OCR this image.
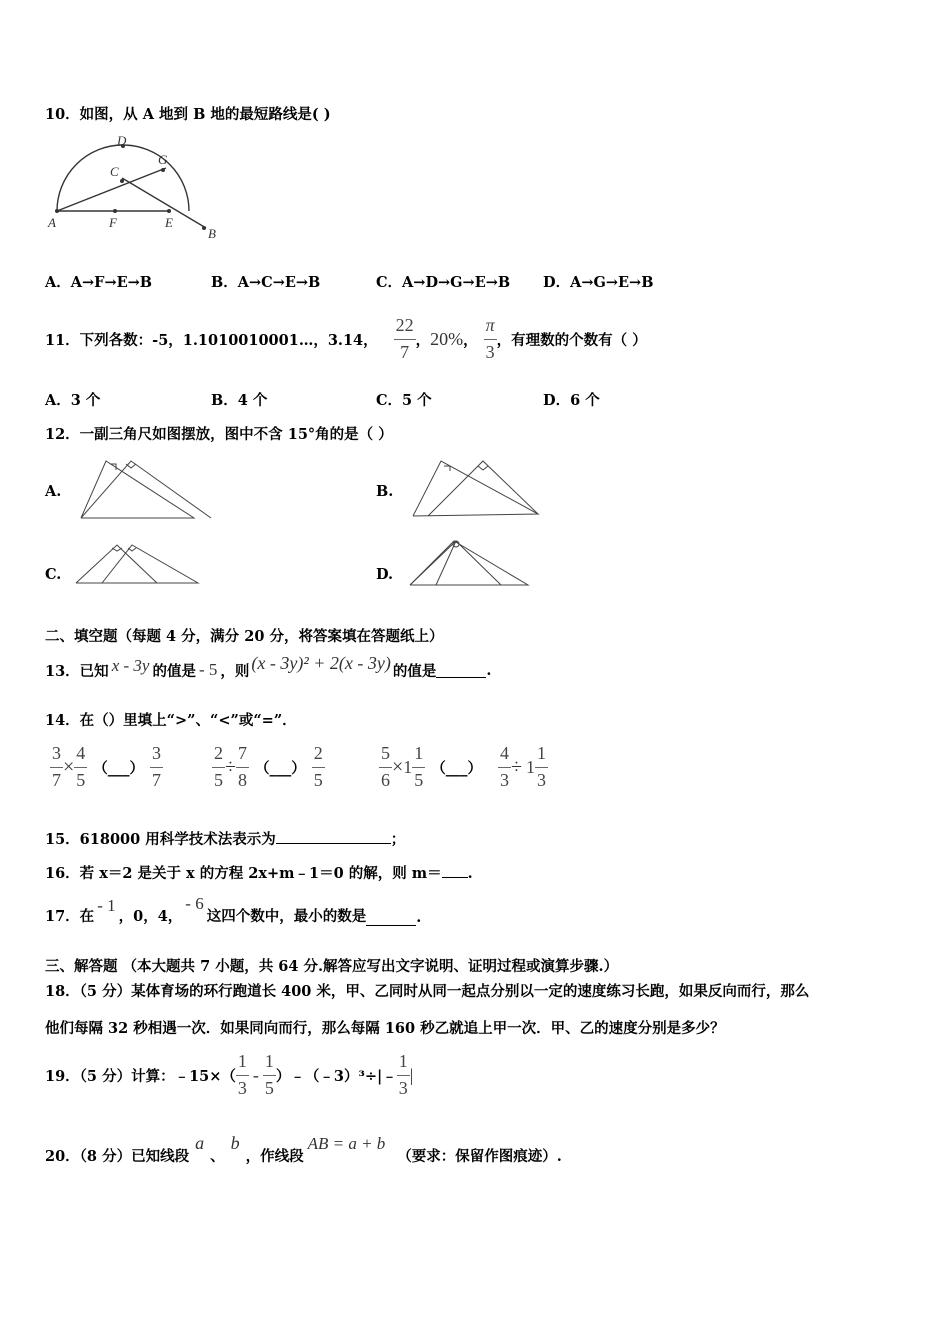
10．如图，从 A 地到 B 地的最短路线是( )
D
G
C
A	F	E
B
A．A→F→E→B	B．A→C→E→B	C．A→D→G→E→B D．A→G→E→B
11．下列各数：-5，1.1010010001…，3.14， $\frac{22}{7}$ ， 20% ， $\frac{\pi}{3}$ ，有理数的个数有（ ）
A．3 个	B．4 个	C．5 个	D．6 个
12．一副三角尺如图摆放，图中不含 15°角的是（ ）
A.	B.
C.	D.
二、填空题（每题 4 分，满分 20 分，将答案填在答题纸上）
13．已知 x - 3y 的值是 - 5 ，则 (x - 3y)² + 2(x - 3y) 的值是	.
14．在（）里填上“>”、“<”或“=”．
$\frac{3}{7} \times \frac{4}{5}$ （___） $\frac{3}{7}$	$\frac{2}{5} \div \frac{7}{8}$ （___） $\frac{2}{5}$	$\frac{5}{6} \times 1 \frac{1}{5}$ （___） $\frac{4}{3} \div 1 \frac{1}{3}$
15．618000 用科学技术法表示为	；
16．若 x＝2 是关于 x 的方程 2x+m﹣1＝0 的解，则 m＝ .
17．在
- 1
，0，4，
- 6
这四个数中，最小的数是	.
三、解答题 （本大题共 7 小题，共 64 分.解答应写出文字说明、证明过程或演算步骤.）
18．（5 分）某体育场的环行跑道长 400 米，甲、乙同时从同一起点分别以一定的速度练习长跑，如果反向而行，那么
他们每隔 32 秒相遇一次．如果同向而行，那么每隔 160 秒乙就追上甲一次．甲、乙的速度分别是多少？
19．（5 分）计算：﹣15×（ $\frac{1}{3} - \frac{1}{5}$ ）﹣（﹣3）³÷|﹣ $\frac{1}{3}$ |
20．（8 分）已知线段
a
、
b
，作线段
AB = a + b
（要求：保留作图痕迹）.
